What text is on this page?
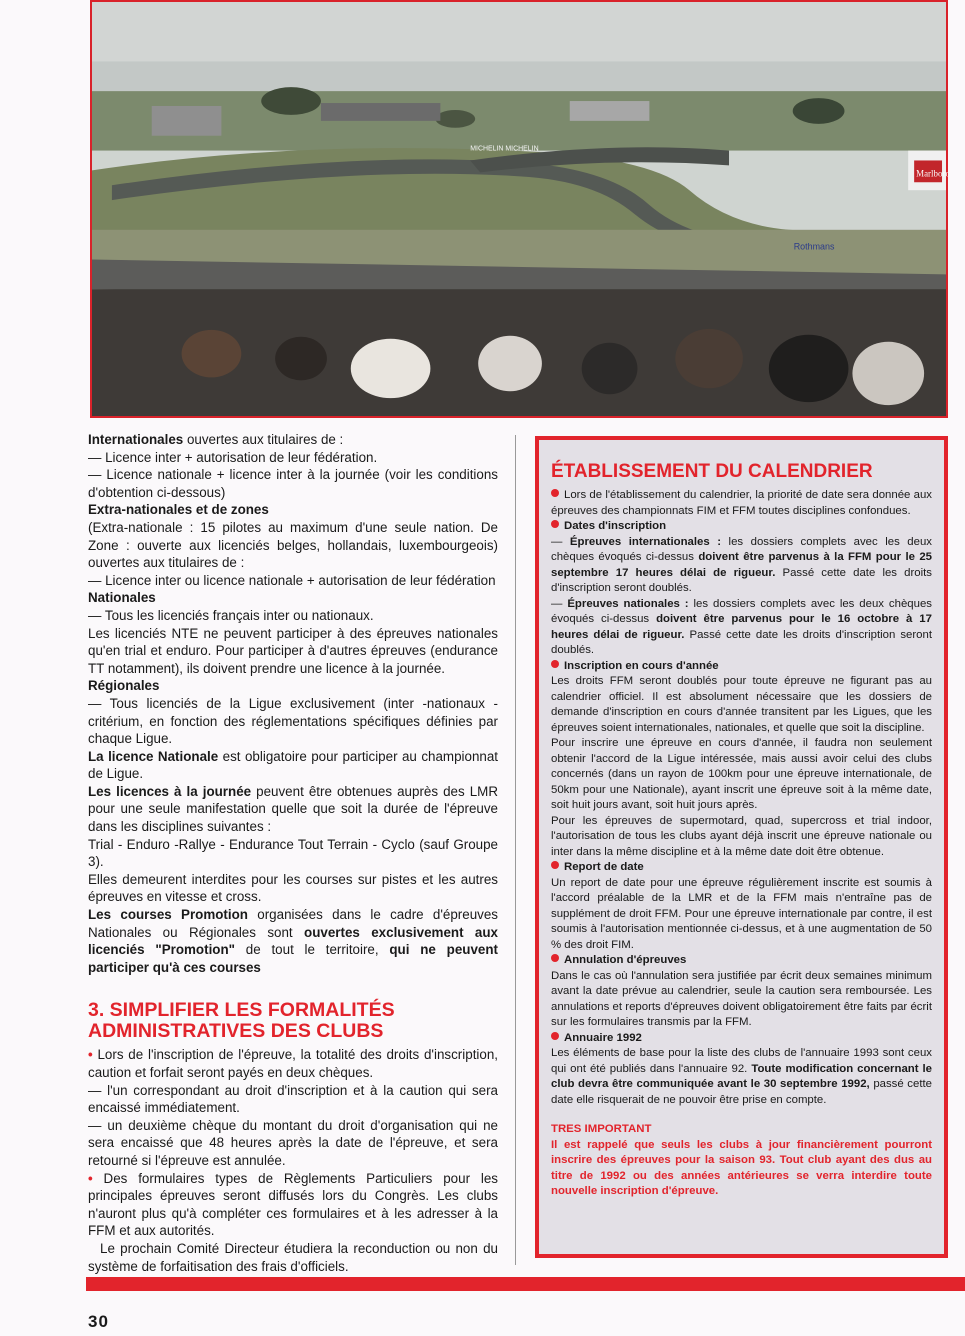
MICHELIN MICHELIN
Marlboro
Rothmans

Internationales ouvertes aux titulaires de :

— Licence inter + autorisation de leur fédération.

— Licence nationale + licence inter à la journée (voir les conditions d'obtention ci-dessous)

Extra-nationales et de zones

(Extra-nationale : 15 pilotes au maximum d'une seule nation. De Zone : ouverte aux licenciés belges, hollandais, luxembourgeois) ouvertes aux titulaires de :

— Licence inter ou licence nationale + autorisation de leur fédération

Nationales

— Tous les licenciés français inter ou nationaux.

Les licenciés NTE ne peuvent participer à des épreuves nationales qu'en trial et enduro. Pour participer à d'autres épreuves (endurance TT notamment), ils doivent prendre une licence à la journée.

Régionales

— Tous licenciés de la Ligue exclusivement (inter -nationaux - critérium, en fonction des réglementations spécifiques définies par chaque Ligue.

La licence Nationale est obligatoire pour participer au championnat de Ligue.

Les licences à la journée peuvent être obtenues auprès des LMR pour une seule manifestation quelle que soit la durée de l'épreuve dans les disciplines suivantes :

Trial - Enduro -Rallye - Endurance Tout Terrain - Cyclo (sauf Groupe 3).

Elles demeurent interdites pour les courses sur pistes et les autres épreuves en vitesse et cross.

Les courses Promotion organisées dans le cadre d'épreuves Nationales ou Régionales sont ouvertes exclusivement aux licenciés "Promotion" de tout le territoire, qui ne peuvent participer qu'à ces courses

3. SIMPLIFIER LES FORMALITÉS ADMINISTRATIVES DES CLUBS

• Lors de l'inscription de l'épreuve, la totalité des droits d'inscription, caution et forfait seront payés en deux chèques.

— l'un correspondant au droit d'inscription et à la caution qui sera encaissé immédiatement.

— un deuxième chèque du montant du droit d'organisation qui ne sera encaissé que 48 heures après la date de l'épreuve, et sera retourné si l'épreuve est annulée.

• Des formulaires types de Règlements Particuliers pour les principales épreuves seront diffusés lors du Congrès. Les clubs n'auront plus qu'à compléter ces formulaires et à les adresser à la FFM et aux autorités.

Le prochain Comité Directeur étudiera la reconduction ou non du système de forfaitisation des frais d'officiels.

ÉTABLISSEMENT DU CALENDRIER

Lors de l'établissement du calendrier, la priorité de date sera donnée aux épreuves des championnats FIM et FFM toutes disciplines confondues.

Dates d'inscription

— Épreuves internationales : les dossiers complets avec les deux chèques évoqués ci-dessus doivent être parvenus à la FFM pour le 25 septembre 17 heures délai de rigueur. Passé cette date les droits d'inscription seront doublés.

— Épreuves nationales : les dossiers complets avec les deux chèques évoqués ci-dessus doivent être parvenus pour le 16 octobre à 17 heures délai de rigueur. Passé cette date les droits d'inscription seront doublés.

Inscription en cours d'année

Les droits FFM seront doublés pour toute épreuve ne figurant pas au calendrier officiel. Il est absolument nécessaire que les dossiers de demande d'inscription en cours d'année transitent par les Ligues, que les épreuves soient internationales, nationales, et quelle que soit la discipline.

Pour inscrire une épreuve en cours d'année, il faudra non seulement obtenir l'accord de la Ligue intéressée, mais aussi avoir celui des clubs concernés (dans un rayon de 100km pour une épreuve internationale, de 50km pour une Nationale), ayant inscrit une épreuve soit à la même date, soit huit jours avant, soit huit jours après.

Pour les épreuves de supermotard, quad, supercross et trial indoor, l'autorisation de tous les clubs ayant déjà inscrit une épreuve nationale ou inter dans la même discipline et à la même date doit être obtenue.

Report de date

Un report de date pour une épreuve régulièrement inscrite est soumis à l'accord préalable de la LMR et de la FFM mais n'entraîne pas de supplément de droit FFM. Pour une épreuve internationale par contre, il est soumis à l'autorisation mentionnée ci-dessus, et à une augmentation de 50 % des droit FIM.

Annulation d'épreuves

Dans le cas où l'annulation sera justifiée par écrit deux semaines minimum avant la date prévue au calendrier, seule la caution sera remboursée. Les annulations et reports d'épreuves doivent obligatoirement être faits par écrit sur les formulaires transmis par la FFM.

Annuaire 1992

Les éléments de base pour la liste des clubs de l'annuaire 1993 sont ceux qui ont été publiés dans l'annuaire 92. Toute modification concernant le club devra être communiquée avant le 30 septembre 1992, passé cette date elle risquerait de ne pouvoir être prise en compte.

TRES IMPORTANT

Il est rappelé que seuls les clubs à jour financièrement pourront inscrire des épreuves pour la saison 93. Tout club ayant des dus au titre de 1992 ou des années antérieures se verra interdire toute nouvelle inscription d'épreuve.

30
